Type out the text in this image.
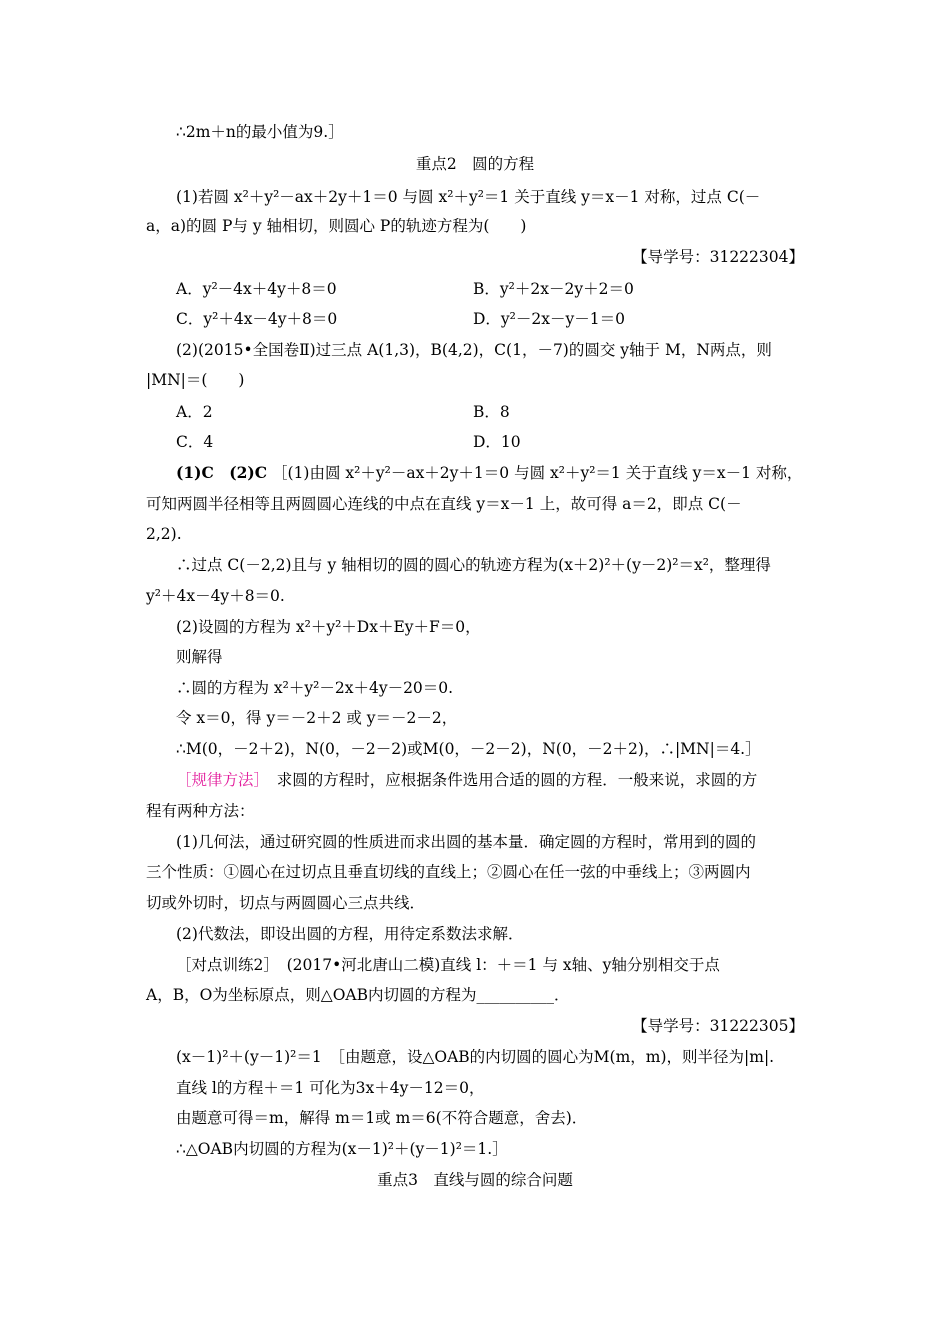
∴2m＋n的最小值为9.］
重点2　圆的方程
(1)若圆 x²＋y²－ax＋2y＋1＝0 与圆 x²＋y²＝1 关于直线 y＝x－1 对称，过点 C(－
a，a)的圆 P与 y 轴相切，则圆心 P的轨迹方程为(　　)
【导学号：31222304】
A．y²－4x＋4y＋8＝0	B．y²＋2x－2y＋2＝0
C．y²＋4x－4y＋8＝0	D．y²－2x－y－1＝0
(2)(2015•全国卷Ⅱ)过三点 A(1,3)，B(4,2)，C(1，－7)的圆交 y轴于 M，N两点，则
|MN|＝(　　)
A．2	B．8
C．4	D．10
(1)C　(2)C ［(1)由圆 x²＋y²－ax＋2y＋1＝0 与圆 x²＋y²＝1 关于直线 y＝x－1 对称，
可知两圆半径相等且两圆圆心连线的中点在直线 y＝x－1 上，故可得 a＝2，即点 C(－
2,2).
∴过点 C(－2,2)且与 y 轴相切的圆的圆心的轨迹方程为(x＋2)²＋(y－2)²＝x²，整理得
y²＋4x－4y＋8＝0.
(2)设圆的方程为 x²＋y²＋Dx＋Ey＋F＝0，
则解得
∴圆的方程为 x²＋y²－2x＋4y－20＝0.
令 x＝0，得 y＝－2＋2 或 y＝－2－2，
∴M(0，－2＋2)，N(0，－2－2)或M(0，－2－2)，N(0，－2＋2)，∴|MN|＝4.］
［规律方法］　求圆的方程时，应根据条件选用合适的圆的方程．一般来说，求圆的方
程有两种方法：
(1)几何法，通过研究圆的性质进而求出圆的基本量．确定圆的方程时，常用到的圆的
三个性质：①圆心在过切点且垂直切线的直线上；②圆心在任一弦的中垂线上；③两圆内
切或外切时，切点与两圆圆心三点共线．
(2)代数法，即设出圆的方程，用待定系数法求解．
［对点训练2］　(2017•河北唐山二模)直线 l：＋＝1 与 x轴、y轴分别相交于点
A，B，O为坐标原点，则△OAB内切圆的方程为__________．
【导学号：31222305】
(x－1)²＋(y－1)²＝1　［由题意，设△OAB的内切圆的圆心为M(m，m)，则半径为|m|.
直线 l的方程＋＝1 可化为3x＋4y－12＝0，
由题意可得＝m，解得 m＝1或 m＝6(不符合题意，舍去)．
∴△OAB内切圆的方程为(x－1)²＋(y－1)²＝1.］
重点3　直线与圆的综合问题
